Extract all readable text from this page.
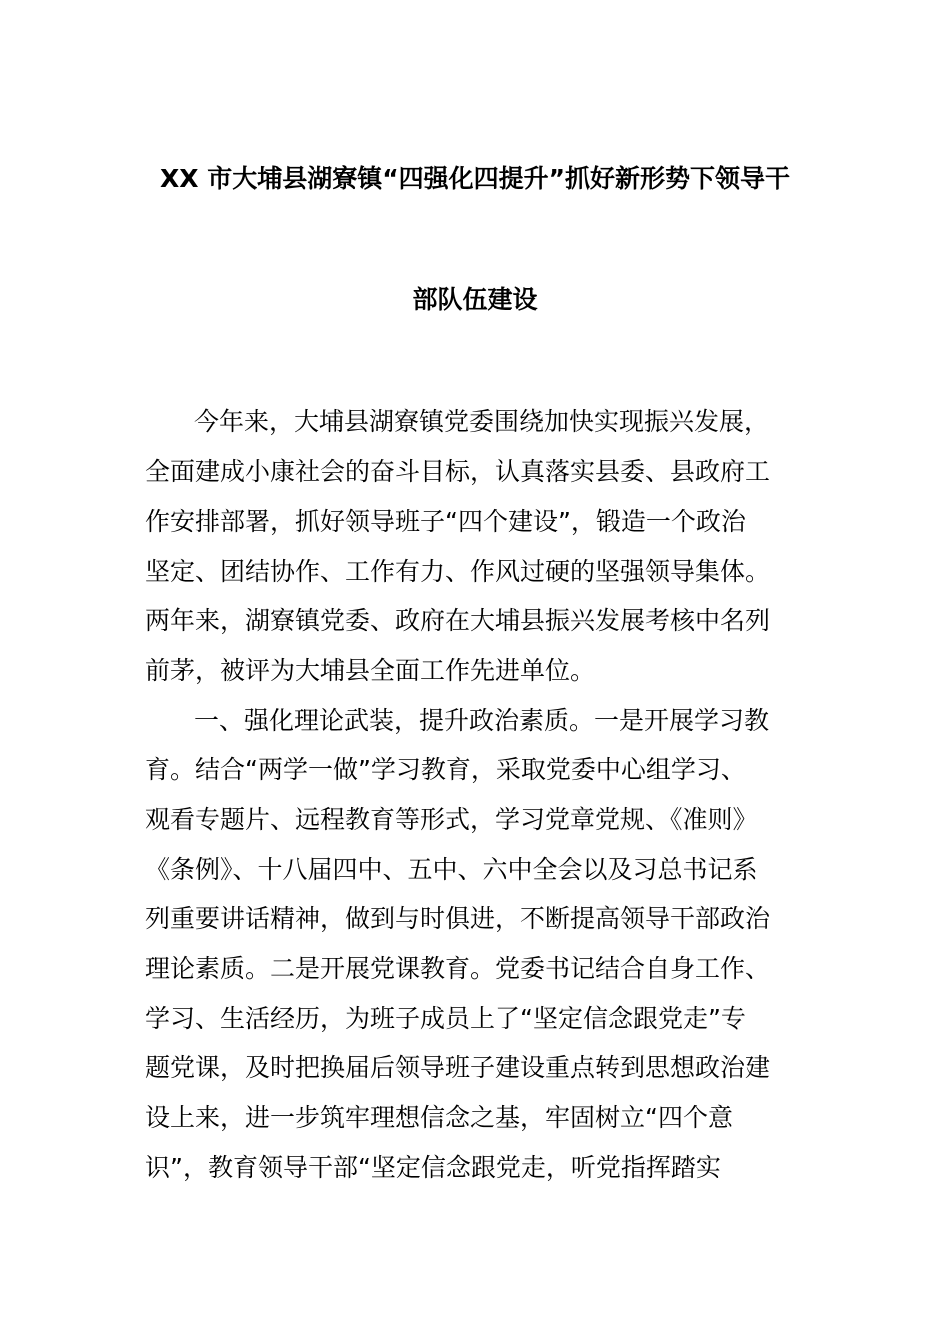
XX 市大埔县湖寮镇“四强化四提升”抓好新形势下领导干
部队伍建设
今年来，大埔县湖寮镇党委围绕加快实现振兴发展，
全面建成小康社会的奋斗目标，认真落实县委、县政府工
作安排部署，抓好领导班子“四个建设”，锻造一个政治
坚定、团结协作、工作有力、作风过硬的坚强领导集体。
两年来，湖寮镇党委、政府在大埔县振兴发展考核中名列
前茅，被评为大埔县全面工作先进单位。
一、强化理论武装，提升政治素质。一是开展学习教
育。结合“两学一做”学习教育，采取党委中心组学习、
观看专题片、远程教育等形式，学习党章党规、《准则》
《条例》、十八届四中、五中、六中全会以及习总书记系
列重要讲话精神，做到与时俱进，不断提高领导干部政治
理论素质。二是开展党课教育。党委书记结合自身工作、
学习、生活经历，为班子成员上了“坚定信念跟党走”专
题党课，及时把换届后领导班子建设重点转到思想政治建
设上来，进一步筑牢理想信念之基，牢固树立“四个意
识”，教育领导干部“坚定信念跟党走，听党指挥踏实
